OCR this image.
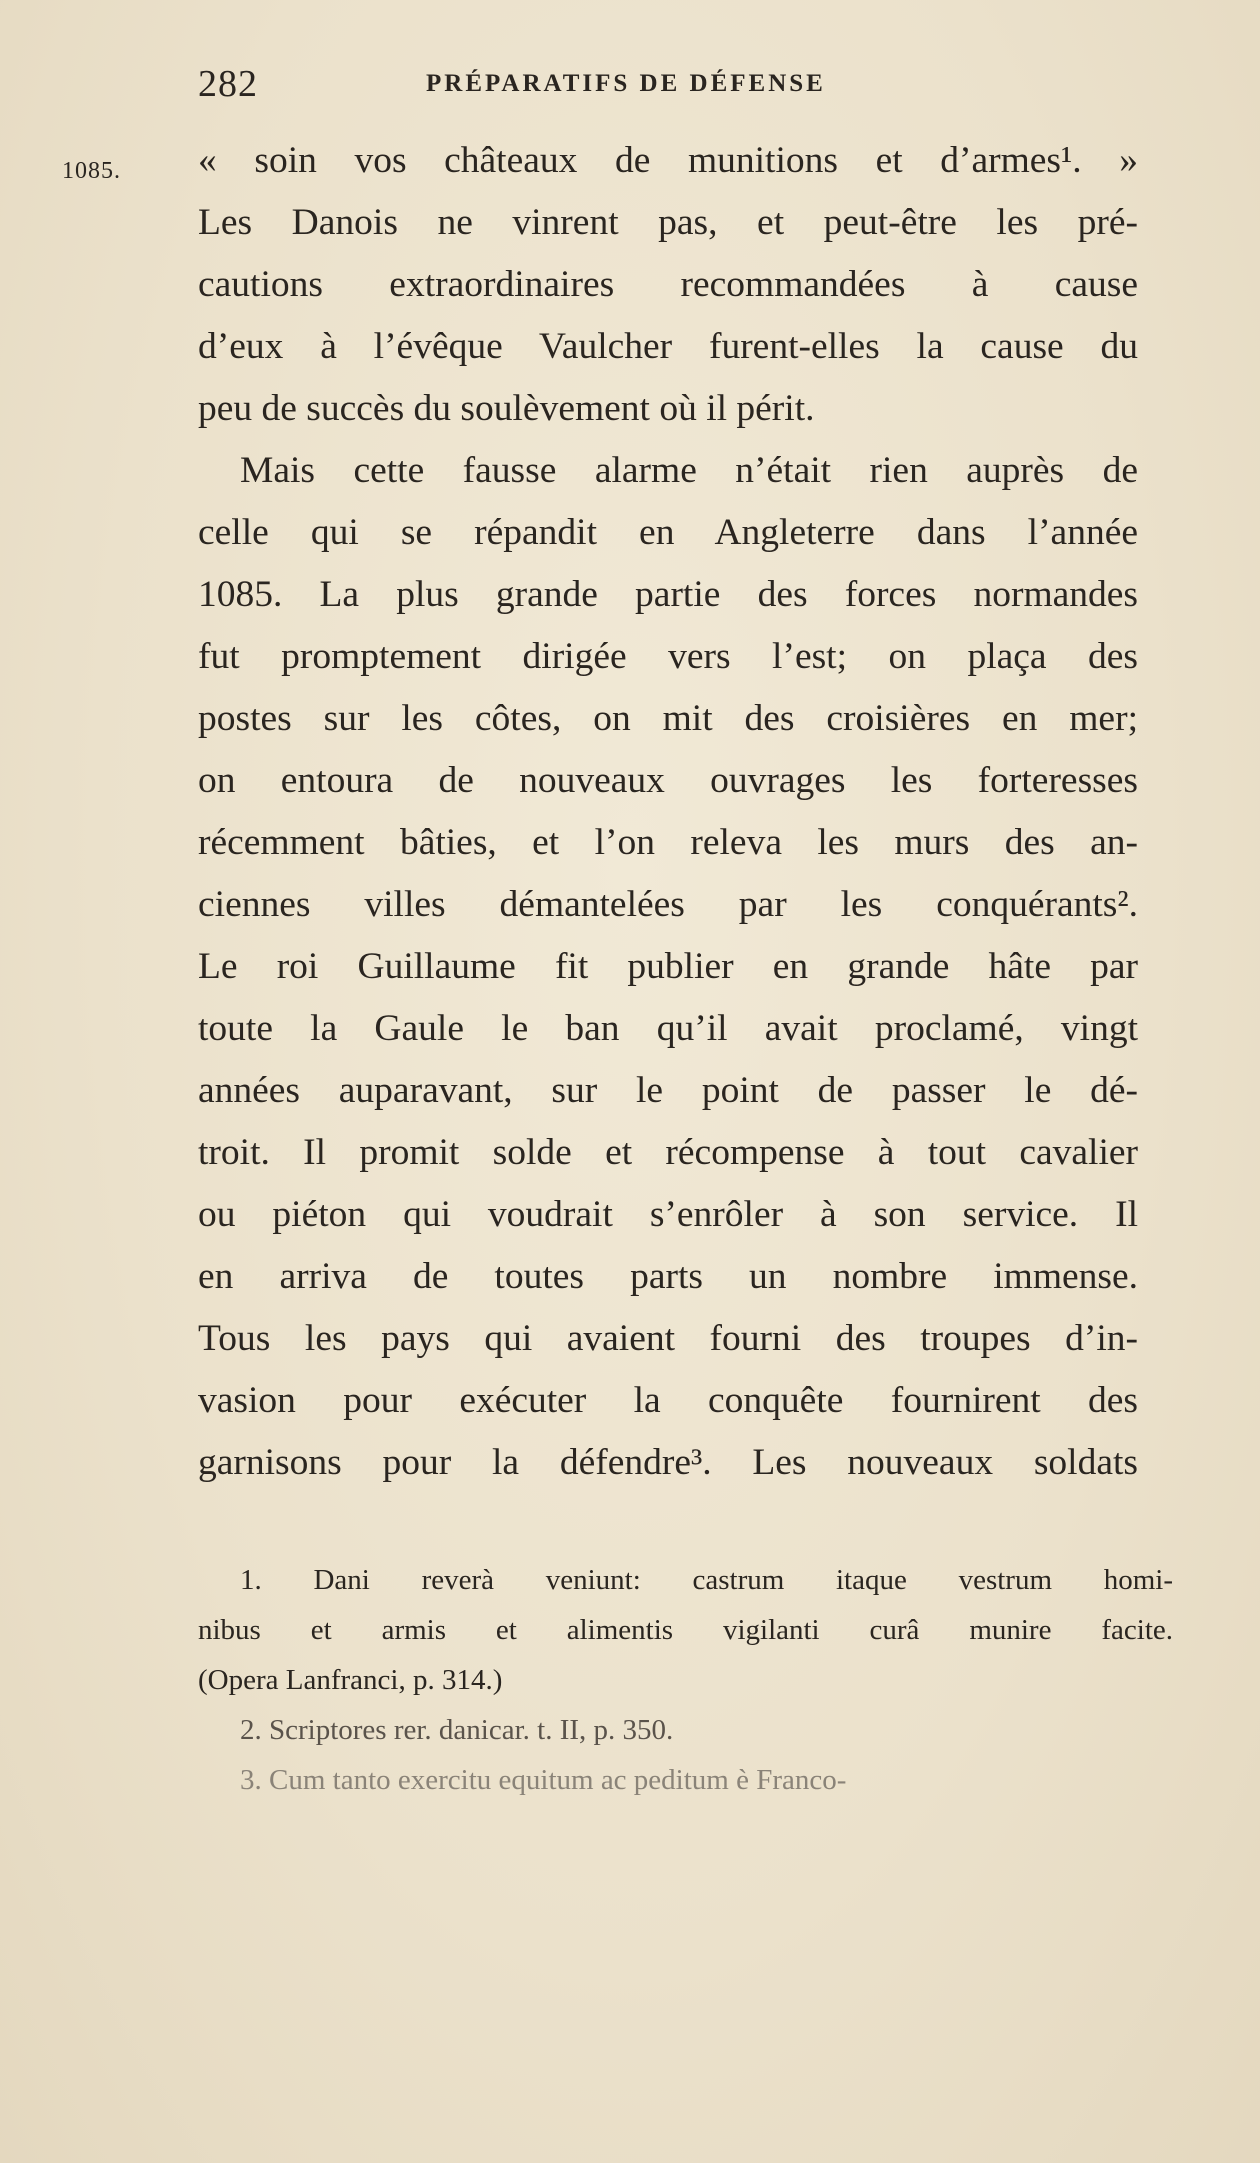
282	PRÉPARATIFS DE DÉFENSE
1085. « soin vos châteaux de munitions et d’armes¹. »
Les Danois ne vinrent pas, et peut-être les pré-
cautions extraordinaires recommandées à cause
d’eux à l’évêque Vaulcher furent-elles la cause du
peu de succès du soulèvement où il périt.
Mais cette fausse alarme n’était rien auprès de
celle qui se répandit en Angleterre dans l’année
1085. La plus grande partie des forces normandes
fut promptement dirigée vers l’est; on plaça des
postes sur les côtes, on mit des croisières en mer;
on entoura de nouveaux ouvrages les forteresses
récemment bâties, et l’on releva les murs des an-
ciennes villes démantelées par les conquérants².
Le roi Guillaume fit publier en grande hâte par
toute la Gaule le ban qu’il avait proclamé, vingt
années auparavant, sur le point de passer le dé-
troit. Il promit solde et récompense à tout cavalier
ou piéton qui voudrait s’enrôler à son service. Il
en arriva de toutes parts un nombre immense.
Tous les pays qui avaient fourni des troupes d’in-
vasion pour exécuter la conquête fournirent des
garnisons pour la défendre³. Les nouveaux soldats
1. Dani reverà veniunt: castrum itaque vestrum homi-
nibus et armis et alimentis vigilanti curâ munire facite.
(Opera Lanfranci, p. 314.)
2. Scriptores rer. danicar. t. II, p. 350.
3. Cum tanto exercitu equitum ac peditum è Franco-
